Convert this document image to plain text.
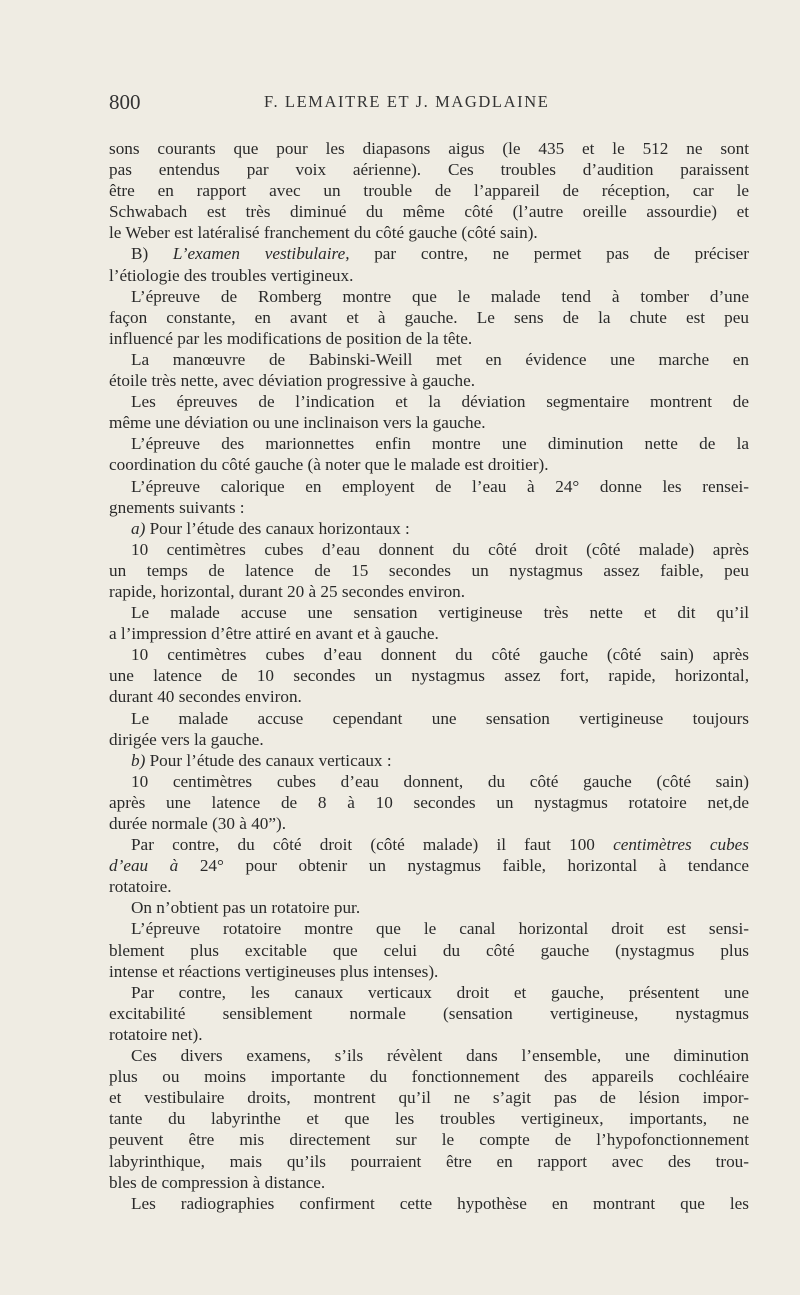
800	F. LEMAITRE ET J. MAGDLAINE
sons courants que pour les diapasons aigus (le 435 et le 512 ne sont
pas entendus par voix aérienne). Ces troubles d’audition paraissent
être en rapport avec un trouble de l’appareil de réception, car le
Schwabach est très diminué du même côté (l’autre oreille assourdie) et
le Weber est latéralisé franchement du côté gauche (côté sain).
B) L’examen vestibulaire, par contre, ne permet pas de préciser
l’étiologie des troubles vertigineux.
L’épreuve de Romberg montre que le malade tend à tomber d’une
façon constante, en avant et à gauche. Le sens de la chute est peu
influencé par les modifications de position de la tête.
La manœuvre de Babinski-Weill met en évidence une marche en
étoile très nette, avec déviation progressive à gauche.
Les épreuves de l’indication et la déviation segmentaire montrent de
même une déviation ou une inclinaison vers la gauche.
L’épreuve des marionnettes enfin montre une diminution nette de la
coordination du côté gauche (à noter que le malade est droitier).
L’épreuve calorique en employent de l’eau à 24° donne les rensei-
gnements suivants :
a) Pour l’étude des canaux horizontaux :
10 centimètres cubes d’eau donnent du côté droit (côté malade) après
un temps de latence de 15 secondes un nystagmus assez faible, peu
rapide, horizontal, durant 20 à 25 secondes environ.
Le malade accuse une sensation vertigineuse très nette et dit qu’il
a l’impression d’être attiré en avant et à gauche.
10 centimètres cubes d’eau donnent du côté gauche (côté sain) après
une latence de 10 secondes un nystagmus assez fort, rapide, horizontal,
durant 40 secondes environ.
Le malade accuse cependant une sensation vertigineuse toujours
dirigée vers la gauche.
b) Pour l’étude des canaux verticaux :
10 centimètres cubes d’eau donnent, du côté gauche (côté sain)
après une latence de 8 à 10 secondes un nystagmus rotatoire net,de
durée normale (30 à 40”).
Par contre, du côté droit (côté malade) il faut 100 centimètres cubes
d’eau à 24° pour obtenir un nystagmus faible, horizontal à tendance
rotatoire.
On n’obtient pas un rotatoire pur.
L’épreuve rotatoire montre que le canal horizontal droit est sensi-
blement plus excitable que celui du côté gauche (nystagmus plus
intense et réactions vertigineuses plus intenses).
Par contre, les canaux verticaux droit et gauche, présentent une
excitabilité sensiblement normale (sensation vertigineuse, nystagmus
rotatoire net).
Ces divers examens, s’ils révèlent dans l’ensemble, une diminution
plus ou moins importante du fonctionnement des appareils cochléaire
et vestibulaire droits, montrent qu’il ne s’agit pas de lésion impor-
tante du labyrinthe et que les troubles vertigineux, importants, ne
peuvent être mis directement sur le compte de l’hypofonctionnement
labyrinthique, mais qu’ils pourraient être en rapport avec des trou-
bles de compression à distance.
Les radiographies confirment cette hypothèse en montrant que les
